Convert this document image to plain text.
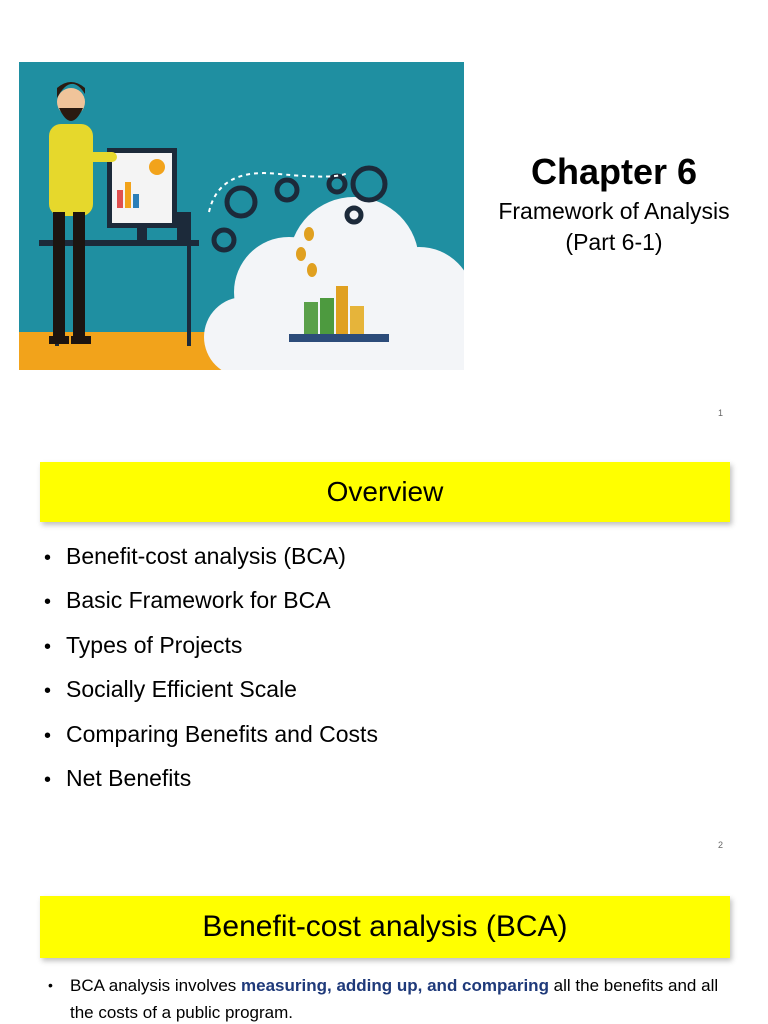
Chapter 6
Framework of Analysis
(Part 6-1)
1
Overview
• Benefit-cost analysis (BCA)
• Basic Framework for BCA
• Types of Projects
• Socially Efficient Scale
• Comparing Benefits and Costs
• Net Benefits
2
Benefit-cost analysis (BCA)
•	BCA analysis involves measuring, adding up, and comparing all the benefits and all the costs of a public program.
